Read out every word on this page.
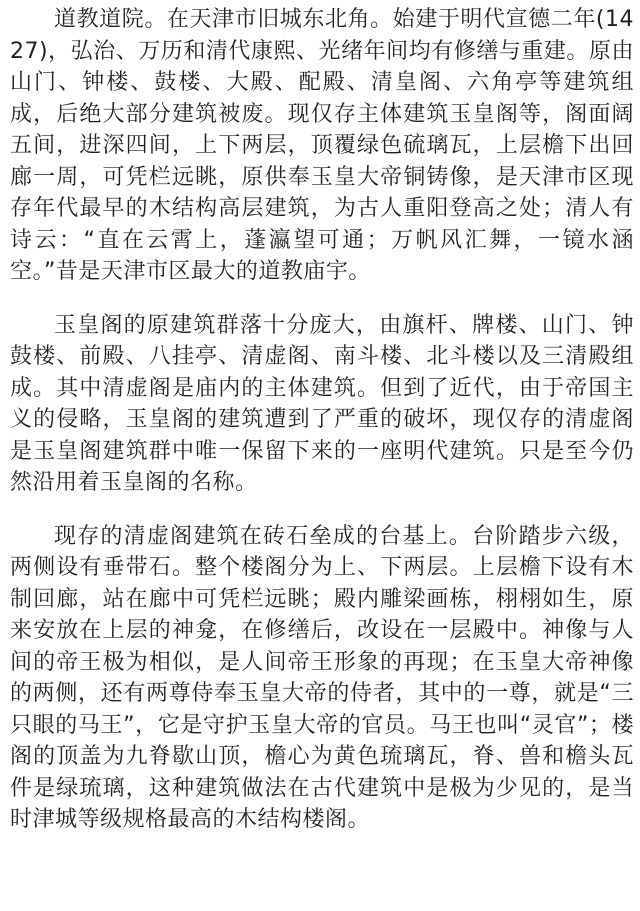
道教道院。在天津市旧城东北角。始建于明代宣德二年(1427)，弘治、万历和清代康熙、光绪年间均有修缮与重建。原由山门、钟楼、鼓楼、大殿、配殿、清皇阁、六角亭等建筑组成，后绝大部分建筑被废。现仅存主体建筑玉皇阁等，阁面阔五间，进深四间，上下两层，顶覆绿色硫璃瓦，上层檐下出回廊一周，可凭栏远眺，原供奉玉皇大帝铜铸像，是天津市区现存年代最早的木结构高层建筑，为古人重阳登高之处；清人有诗云：“直在云霄上，蓬瀛望可通；万帆风汇舞，一镜水涵空。”昔是天津市区最大的道教庙宇。

玉皇阁的原建筑群落十分庞大，由旗杆、牌楼、山门、钟鼓楼、前殿、八挂亭、清虚阁、南斗楼、北斗楼以及三清殿组成。其中清虚阁是庙内的主体建筑。但到了近代，由于帝国主义的侵略，玉皇阁的建筑遭到了严重的破坏，现仅存的清虚阁是玉皇阁建筑群中唯一保留下来的一座明代建筑。只是至今仍然沿用着玉皇阁的名称。

现存的清虚阁建筑在砖石垒成的台基上。台阶踏步六级，两侧设有垂带石。整个楼阁分为上、下两层。上层檐下设有木制回廊，站在廊中可凭栏远眺；殿内雕梁画栋，栩栩如生，原来安放在上层的神龛，在修缮后，改设在一层殿中。神像与人间的帝王极为相似，是人间帝王形象的再现；在玉皇大帝神像的两侧，还有两尊侍奉玉皇大帝的侍者，其中的一尊，就是“三只眼的马王”，它是守护玉皇大帝的官员。马王也叫“灵官”；楼阁的顶盖为九脊歇山顶，檐心为黄色琉璃瓦，脊、兽和檐头瓦件是绿琉璃，这种建筑做法在古代建筑中是极为少见的，是当时津城等级规格最高的木结构楼阁。
